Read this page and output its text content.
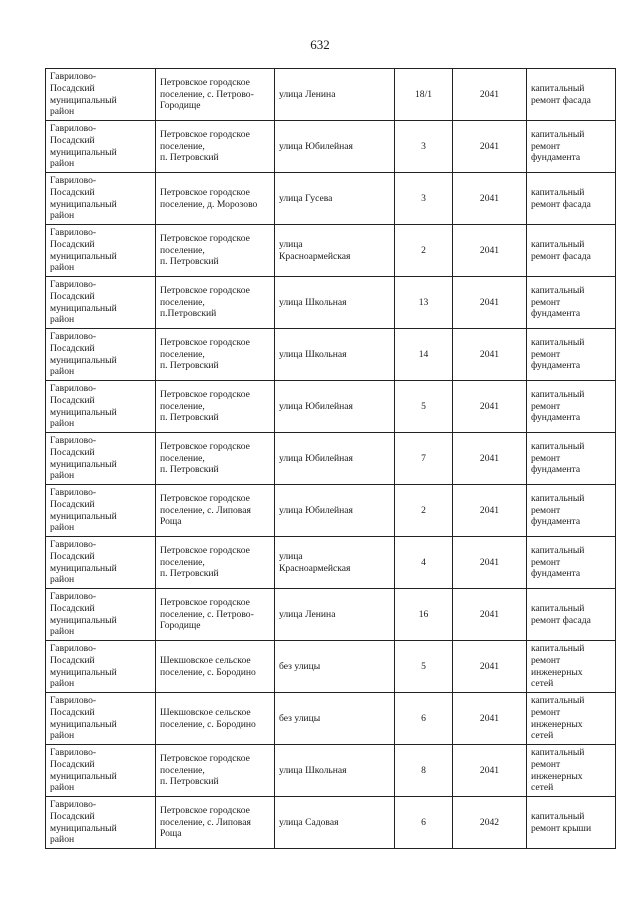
632
Гаврилово-
Посадский
муниципальный
район	Петровское городское
поселение, с. Петрово-
Городище	улица Ленина	18/1	2041	капитальный
ремонт фасада

Гаврилово-
Посадский
муниципальный
район	Петровское городское
поселение,
п. Петровский	улица Юбилейная	3	2041	капитальный
ремонт
фундамента

Гаврилово-
Посадский
муниципальный
район	Петровское городское
поселение, д. Морозово	улица Гусева	3	2041	капитальный
ремонт фасада

Гаврилово-
Посадский
муниципальный
район	Петровское городское
поселение,
п. Петровский	улица
Красноармейская	2	2041	капитальный
ремонт фасада

Гаврилово-
Посадский
муниципальный
район	Петровское городское
поселение,
п.Петровский	улица Школьная	13	2041	капитальный
ремонт
фундамента

Гаврилово-
Посадский
муниципальный
район	Петровское городское
поселение,
п. Петровский	улица Школьная	14	2041	капитальный
ремонт
фундамента

Гаврилово-
Посадский
муниципальный
район	Петровское городское
поселение,
п. Петровский	улица Юбилейная	5	2041	капитальный
ремонт
фундамента

Гаврилово-
Посадский
муниципальный
район	Петровское городское
поселение,
п. Петровский	улица Юбилейная	7	2041	капитальный
ремонт
фундамента

Гаврилово-
Посадский
муниципальный
район	Петровское городское
поселение, с. Липовая
Роща	улица Юбилейная	2	2041	капитальный
ремонт
фундамента

Гаврилово-
Посадский
муниципальный
район	Петровское городское
поселение,
п. Петровский	улица
Красноармейская	4	2041	капитальный
ремонт
фундамента

Гаврилово-
Посадский
муниципальный
район	Петровское городское
поселение, с. Петрово-
Городище	улица Ленина	16	2041	капитальный
ремонт фасада

Гаврилово-
Посадский
муниципальный
район	Шекшовское сельское
поселение, с. Бородино	без улицы	5	2041	капитальный
ремонт
инженерных
сетей

Гаврилово-
Посадский
муниципальный
район	Шекшовское сельское
поселение, с. Бородино	без улицы	6	2041	капитальный
ремонт
инженерных
сетей

Гаврилово-
Посадский
муниципальный
район	Петровское городское
поселение,
п. Петровский	улица Школьная	8	2041	капитальный
ремонт
инженерных
сетей

Гаврилово-
Посадский
муниципальный
район	Петровское городское
поселение, с. Липовая
Роща	улица Садовая	6	2042	капитальный
ремонт крыши
